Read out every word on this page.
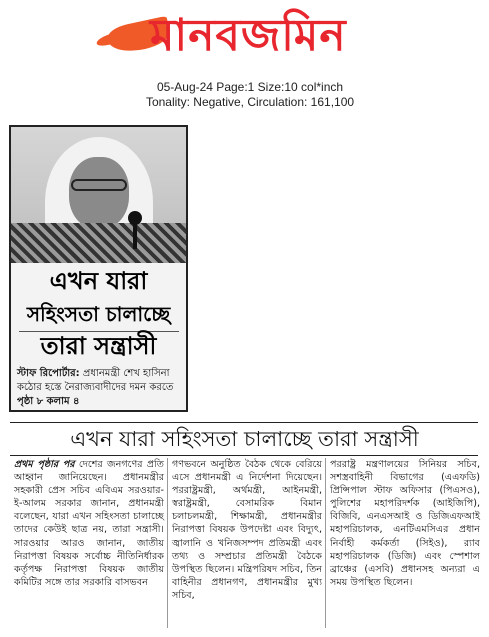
মানবজমিন
05-Aug-24 Page:1 Size:10 col*inch
Tonality: Negative, Circulation: 161,100
এখন যারা
সহিংসতা চালাচ্ছে
তারা সন্ত্রাসী
স্টাফ রিপোর্টার: প্রধানমন্ত্রী শেখ হাসিনা কঠোর হস্তে নৈরাজ্যবাদীদের দমন করতে পৃষ্ঠা ৮ কলাম ৪
এখন যারা সহিংসতা চালাচ্ছে তারা সন্ত্রাসী
প্রথম পৃষ্ঠার পর দেশের জনগণের প্রতি আহ্বান জানিয়েছেন। প্রধানমন্ত্রীর সহকারী প্রেস সচিব এবিএম সরওয়ার-ই-আলম সরকার জানান, প্রধানমন্ত্রী বলেছেন, যারা এখন সহিংসতা চালাচ্ছে তাদের কেউই ছাত্র নয়, তারা সন্ত্রাসী। সারওয়ার আরও জানান, জাতীয় নিরাপত্তা বিষয়ক সর্বোচ্চ নীতিনির্ধারক কর্তৃপক্ষ নিরাপত্তা বিষয়ক জাতীয় কমিটির সঙ্গে তার সরকারি বাসভবন
গণভবনে অনুষ্ঠিত বৈঠক থেকে বেরিয়ে এসে প্রধানমন্ত্রী এ নির্দেশনা দিয়েছেন। পররাষ্ট্রমন্ত্রী, অর্থমন্ত্রী, আইনমন্ত্রী, স্বরাষ্ট্রমন্ত্রী, বেসামরিক বিমান চলাচলমন্ত্রী, শিক্ষামন্ত্রী, প্রধানমন্ত্রীর নিরাপত্তা বিষয়ক উপদেষ্টা এবং বিদ্যুৎ, জ্বালানি ও খনিজসম্পদ প্রতিমন্ত্রী এবং তথ্য ও সম্প্রচার প্রতিমন্ত্রী বৈঠকে উপস্থিত ছিলেন। মন্ত্রিপরিষদ সচিব, তিন বাহিনীর প্রধানগণ, প্রধানমন্ত্রীর মুখ্য সচিব,
পররাষ্ট্র মন্ত্রণালয়ের সিনিয়র সচিব, সশস্ত্রবাহিনী বিভাগের (এএফডি) প্রিন্সিপাল স্টাফ অফিসার (পিএসও), পুলিশের মহাপরিদর্শক (আইজিপি), বিজিবি, এনএসআই ও ডিজিএফআই মহাপরিচালক, এনটিএমসিএর প্রধান নির্বাহী কর্মকর্তা (সিইও), র‌্যাব মহাপরিচালক (ডিজি) এবং স্পেশাল ব্রাঞ্চের (এসবি) প্রধানসহ অন্যরা এ সময় উপস্থিত ছিলেন।
